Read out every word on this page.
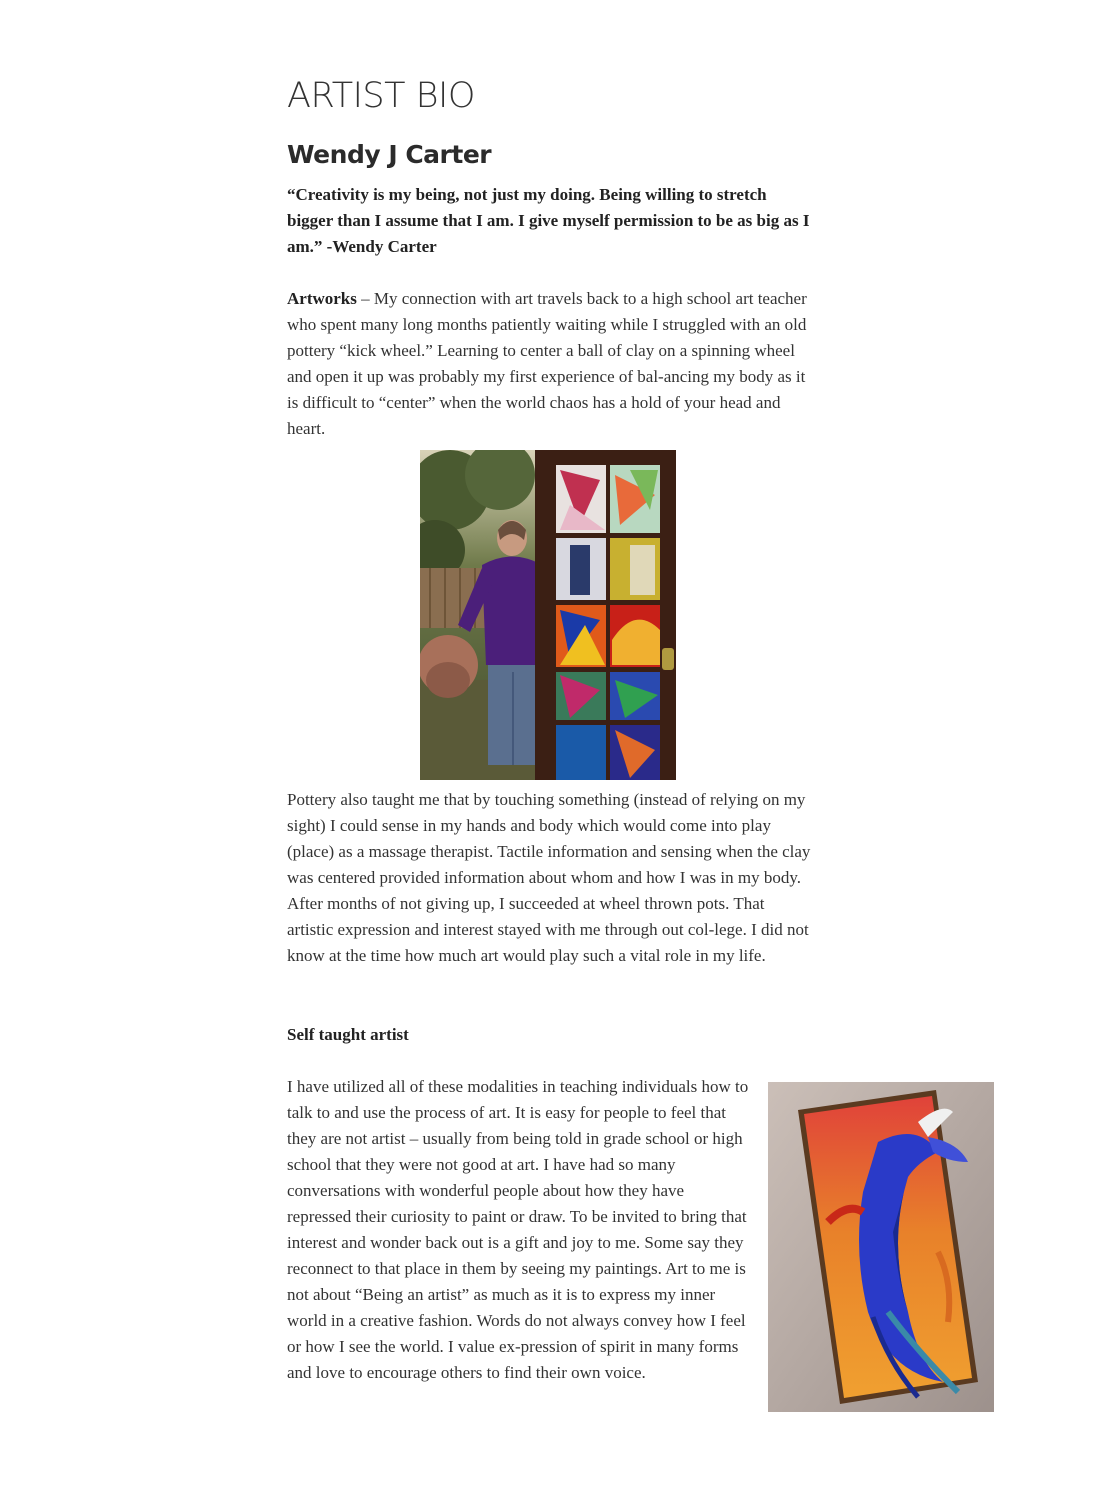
ARTIST BIO
Wendy J Carter

“Creativity is my being, not just my doing. Being willing to stretch bigger than I assume that I am. I give myself permission to be as big as I am.” -Wendy Carter

Artworks – My connection with art travels back to a high school art teacher who spent many long months patiently waiting while I struggled with an old pottery “kick wheel.” Learning to center a ball of clay on a spinning wheel and open it up was probably my first experience of bal-ancing my body as it is difficult to “center” when the world chaos has a hold of your head and heart.

Pottery also taught me that by touching something (instead of relying on my sight) I could sense in my hands and body which would come into play (place) as a massage therapist. Tactile information and sensing when the clay was centered provided information about whom and how I was in my body. After months of not giving up, I succeeded at wheel thrown pots. That artistic expression and interest stayed with me through out col-lege. I did not know at the time how much art would play such a vital role in my life.

Self taught artist

I have utilized all of these modalities in teaching individuals how to talk to and use the process of art. It is easy for people to feel that they are not artist – usually from being told in grade school or high school that they were not good at art. I have had so many conversations with wonderful people about how they have repressed their curiosity to paint or draw. To be invited to bring that interest and wonder back out is a gift and joy to me. Some say they reconnect to that place in them by seeing my paintings. Art to me is not about “Being an artist” as much as it is to express my inner world in a creative fashion. Words do not always convey how I feel or how I see the world. I value ex-pression of spirit in many forms and love to encourage others to find their own voice.
